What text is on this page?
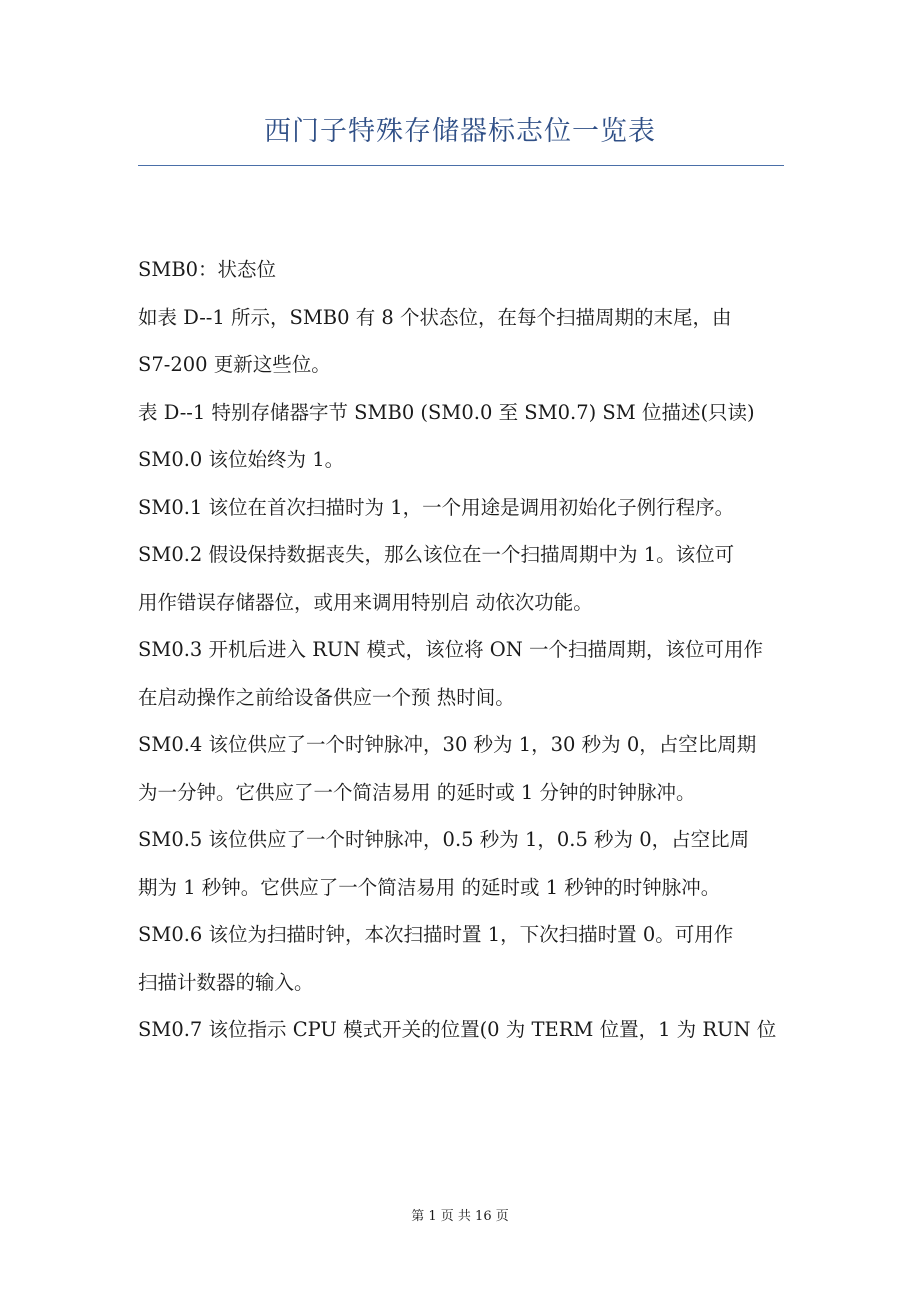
西门子特殊存储器标志位一览表
SMB0：状态位
如表 D--1 所示，SMB0 有 8 个状态位，在每个扫描周期的末尾，由
S7-200 更新这些位。
表 D--1 特别存储器字节 SMB0 (SM0.0 至 SM0.7) SM 位描述(只读)
SM0.0 该位始终为 1。
SM0.1 该位在首次扫描时为 1，一个用途是调用初始化子例行程序。
SM0.2 假设保持数据丧失，那么该位在一个扫描周期中为 1。该位可
用作错误存储器位，或用来调用特别启 动依次功能。
SM0.3 开机后进入 RUN 模式，该位将 ON 一个扫描周期，该位可用作
在启动操作之前给设备供应一个预 热时间。
SM0.4 该位供应了一个时钟脉冲，30 秒为 1，30 秒为 0，占空比周期
为一分钟。它供应了一个简洁易用 的延时或 1 分钟的时钟脉冲。
SM0.5 该位供应了一个时钟脉冲，0.5 秒为 1，0.5 秒为 0，占空比周
期为 1 秒钟。它供应了一个简洁易用 的延时或 1 秒钟的时钟脉冲。
SM0.6 该位为扫描时钟，本次扫描时置 1，下次扫描时置 0。可用作
扫描计数器的输入。
SM0.7 该位指示 CPU 模式开关的位置(0 为 TERM 位置，1 为 RUN 位
第 1 页 共 16 页
